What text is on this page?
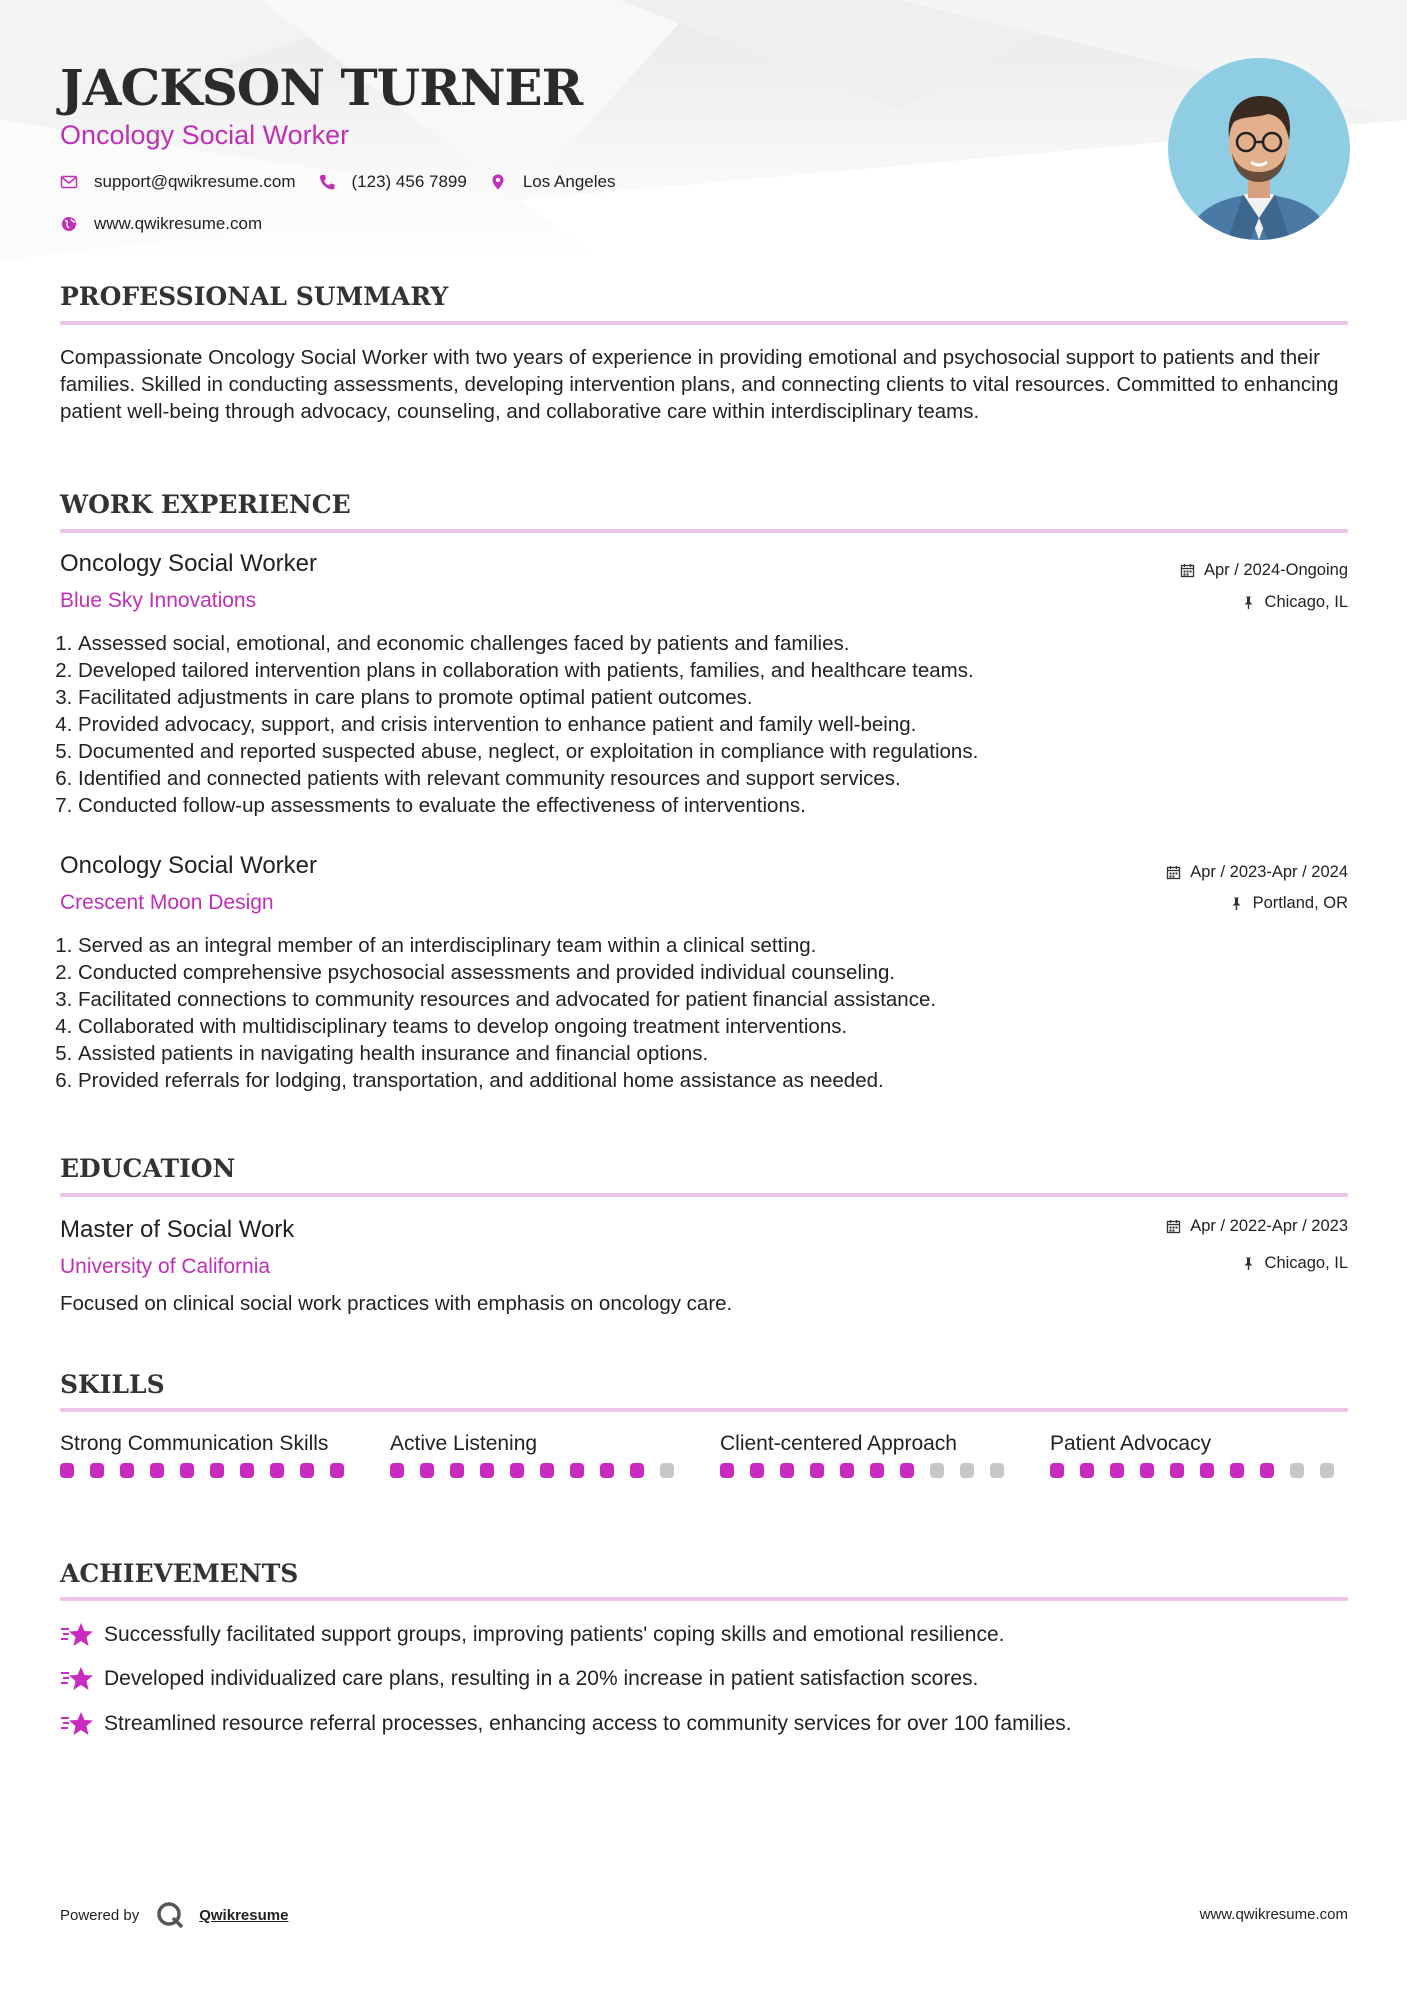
JACKSON TURNER
Oncology Social Worker
support@qwikresume.com	(123) 456 7899	Los Angeles
www.qwikresume.com
PROFESSIONAL SUMMARY

Compassionate Oncology Social Worker with two years of experience in providing emotional and psychosocial support to patients and their families. Skilled in conducting assessments, developing intervention plans, and connecting clients to vital resources. Committed to enhancing patient well-being through advocacy, counseling, and collaborative care within interdisciplinary teams.

WORK EXPERIENCE
Oncology Social Worker
Blue Sky Innovations
Apr / 2024-Ongoing
Chicago, IL
1. Assessed social, emotional, and economic challenges faced by patients and families.
2. Developed tailored intervention plans in collaboration with patients, families, and healthcare teams.
3. Facilitated adjustments in care plans to promote optimal patient outcomes.
4. Provided advocacy, support, and crisis intervention to enhance patient and family well-being.
5. Documented and reported suspected abuse, neglect, or exploitation in compliance with regulations.
6. Identified and connected patients with relevant community resources and support services.
7. Conducted follow-up assessments to evaluate the effectiveness of interventions.
Oncology Social Worker
Crescent Moon Design
Apr / 2023-Apr / 2024
Portland, OR
1. Served as an integral member of an interdisciplinary team within a clinical setting.
2. Conducted comprehensive psychosocial assessments and provided individual counseling.
3. Facilitated connections to community resources and advocated for patient financial assistance.
4. Collaborated with multidisciplinary teams to develop ongoing treatment interventions.
5. Assisted patients in navigating health insurance and financial options.
6. Provided referrals for lodging, transportation, and additional home assistance as needed.
EDUCATION
Master of Social Work
University of California
Apr / 2022-Apr / 2023
Chicago, IL

Focused on clinical social work practices with emphasis on oncology care.

SKILLS
Strong Communication Skills	Active Listening	Client-centered Approach	Patient Advocacy
ACHIEVEMENTS
Successfully facilitated support groups, improving patients' coping skills and emotional resilience.
Developed individualized care plans, resulting in a 20% increase in patient satisfaction scores.
Streamlined resource referral processes, enhancing access to community services for over 100 families.
Powered by	Qwikresume	www.qwikresume.com
